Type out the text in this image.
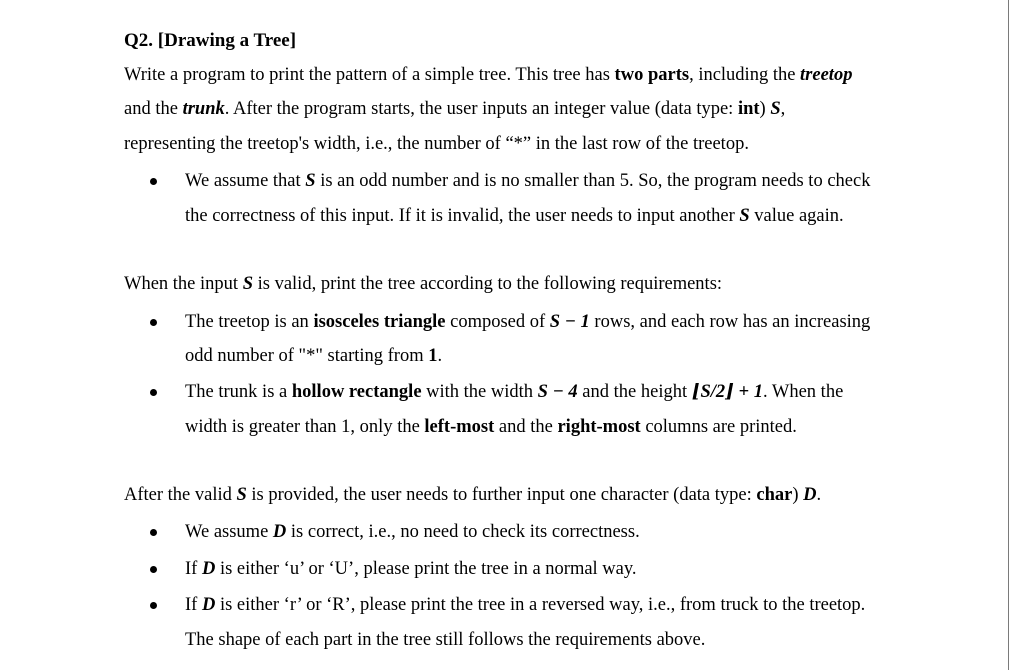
Q2. [Drawing a Tree]
Write a program to print the pattern of a simple tree. This tree has two parts, including the treetop
and the trunk. After the program starts, the user inputs an integer value (data type: int) S,
representing the treetop's width, i.e., the number of “*” in the last row of the treetop.
We assume that S is an odd number and is no smaller than 5. So, the program needs to check
the correctness of this input. If it is invalid, the user needs to input another S value again.
When the input S is valid, print the tree according to the following requirements:
The treetop is an isosceles triangle composed of S − 1 rows, and each row has an increasing
odd number of "*" starting from 1.
The trunk is a hollow rectangle with the width S − 4 and the height ⌊S/2⌋ + 1. When the
width is greater than 1, only the left-most and the right-most columns are printed.
After the valid S is provided, the user needs to further input one character (data type: char) D.
We assume D is correct, i.e., no need to check its correctness.
If D is either ‘u’ or ‘U’, please print the tree in a normal way.
If D is either ‘r’ or ‘R’, please print the tree in a reversed way, i.e., from truck to the treetop.
The shape of each part in the tree still follows the requirements above.
